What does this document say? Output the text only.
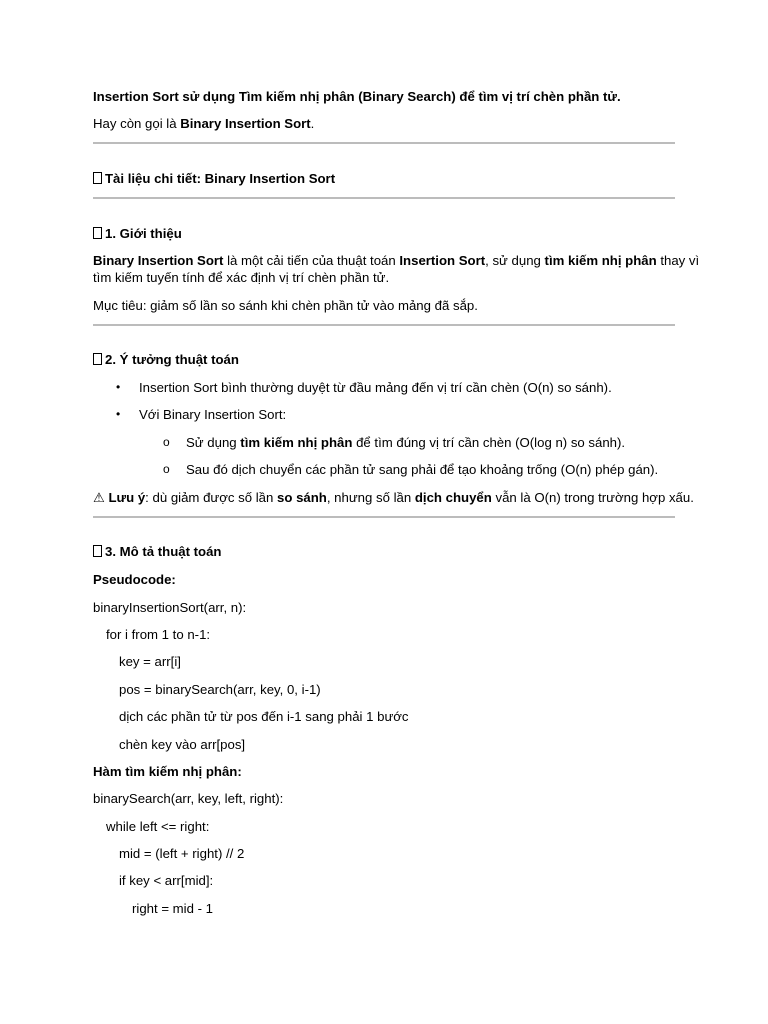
Insertion Sort sử dụng Tìm kiếm nhị phân (Binary Search) để tìm vị trí chèn phần tử.
Hay còn gọi là Binary Insertion Sort.
Tài liệu chi tiết: Binary Insertion Sort
1. Giới thiệu
Binary Insertion Sort là một cải tiến của thuật toán Insertion Sort, sử dụng tìm kiếm nhị phân thay vì
tìm kiếm tuyến tính để xác định vị trí chèn phần tử.
Mục tiêu: giảm số lần so sánh khi chèn phần tử vào mảng đã sắp.
2. Ý tưởng thuật toán
• Insertion Sort bình thường duyệt từ đầu mảng đến vị trí cần chèn (O(n) so sánh).
• Với Binary Insertion Sort:
o Sử dụng tìm kiếm nhị phân để tìm đúng vị trí cần chèn (O(log n) so sánh).
o Sau đó dịch chuyển các phần tử sang phải để tạo khoảng trống (O(n) phép gán).
⚠ Lưu ý: dù giảm được số lần so sánh, nhưng số lần dịch chuyển vẫn là O(n) trong trường hợp xấu.
3. Mô tả thuật toán
Pseudocode:
binaryInsertionSort(arr, n):
for i from 1 to n-1:
key = arr[i]
pos = binarySearch(arr, key, 0, i-1)
dịch các phần tử từ pos đến i-1 sang phải 1 bước
chèn key vào arr[pos]
Hàm tìm kiếm nhị phân:
binarySearch(arr, key, left, right):
while left <= right:
mid = (left + right) // 2
if key < arr[mid]:
right = mid - 1
